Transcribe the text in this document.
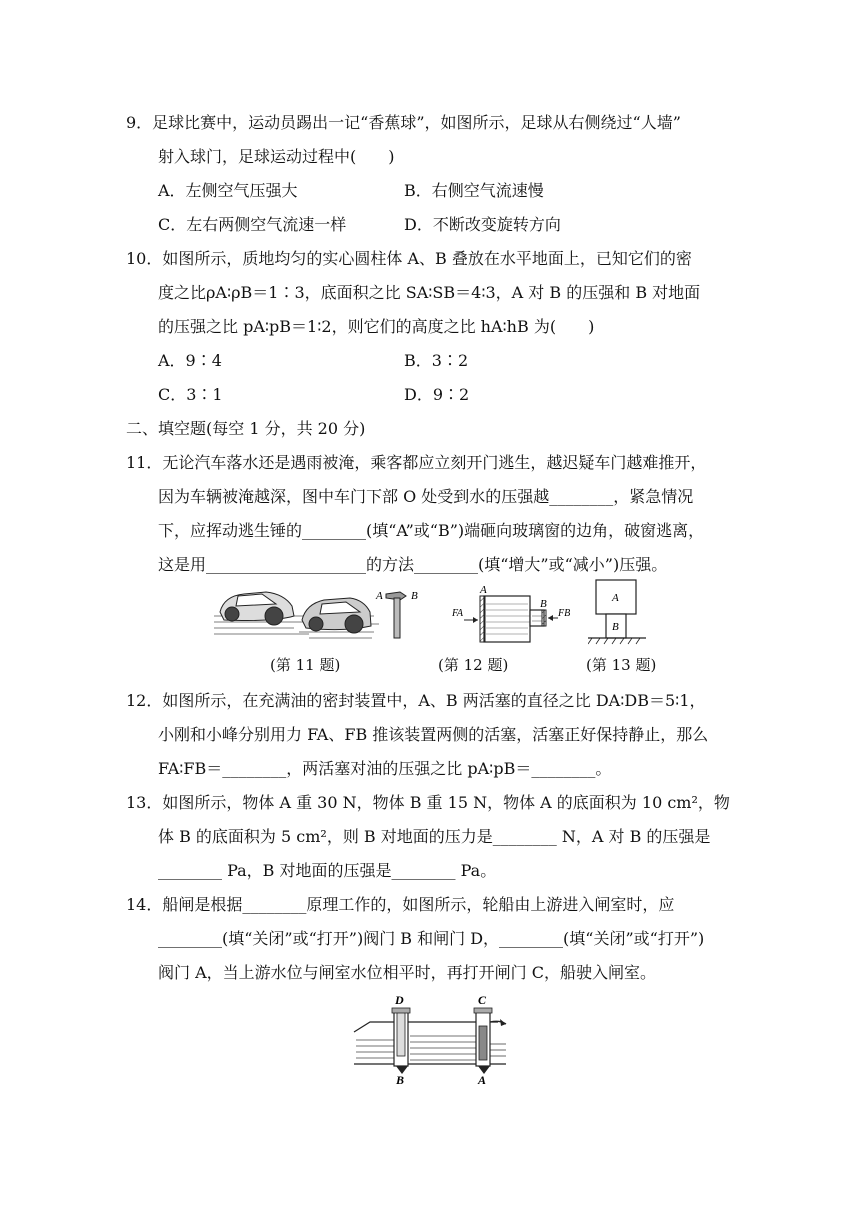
9．足球比赛中，运动员踢出一记“香蕉球”，如图所示，足球从右侧绕过“人墙”
射入球门，足球运动过程中(　　)
A．左侧空气压强大	B．右侧空气流速慢
C．左右两侧空气流速一样	D．不断改变旋转方向
10．如图所示，质地均匀的实心圆柱体 A、B 叠放在水平地面上，已知它们的密
度之比ρA∶ρB＝1∶3，底面积之比 SA∶SB＝4∶3，A 对 B 的压强和 B 对地面
的压强之比 pA∶pB＝1∶2，则它们的高度之比 hA∶hB 为(　　)
A．9∶4	B．3∶2
C．3∶1	D．9∶2
二、填空题(每空 1 分，共 20 分)
11．无论汽车落水还是遇雨被淹，乘客都应立刻开门逃生，越迟疑车门越难推开，
因为车辆被淹越深，图中车门下部 O 处受到水的压强越________，紧急情况
下，应挥动逃生锤的________(填“A”或“B”)端砸向玻璃窗的边角，破窗逃离，
这是用____________________的方法________(填“增大”或“减小”)压强。
A	B	A
B
FA	FB
A
B
(第 11 题)	(第 12 题)	(第 13 题)
12．如图所示，在充满油的密封装置中，A、B 两活塞的直径之比 DA∶DB＝5∶1，
小刚和小峰分别用力 FA、FB 推该装置两侧的活塞，活塞正好保持静止，那么
FA∶FB＝________，两活塞对油的压强之比 pA∶pB＝________。
13．如图所示，物体 A 重 30 N，物体 B 重 15 N，物体 A 的底面积为 10 cm²，物
体 B 的底面积为 5 cm²，则 B 对地面的压力是________ N，A 对 B 的压强是
________ Pa，B 对地面的压强是________ Pa。
14．船闸是根据________原理工作的，如图所示，轮船由上游进入闸室时，应
________(填“关闭”或“打开”)阀门 B 和闸门 D，________(填“关闭”或“打开”)
阀门 A，当上游水位与闸室水位相平时，再打开闸门 C，船驶入闸室。
D	C
B	A
